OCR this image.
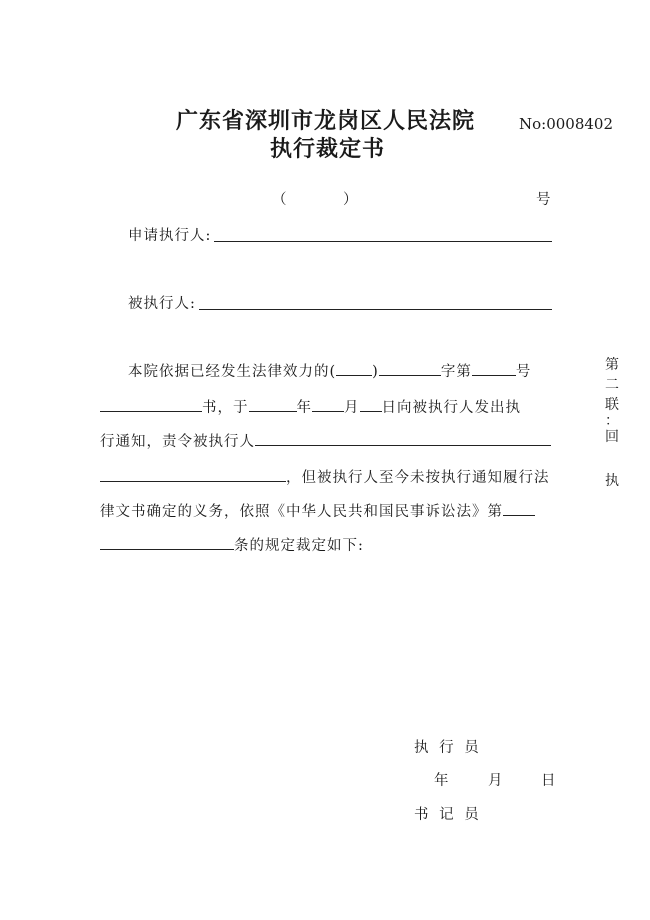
广东省深圳市龙岗区人民法院
执行裁定书
No:0008402
（	）	号
申请执行人:
被执行人:
本院依据已经发生法律效力的( )	字第	号
书，于	年 月 日向被执行人发出执
行通知，责令被执行人
，但被执行人至今未按执行通知履行法
律文书确定的义务，依照《中华人民共和国民事诉讼法》第
条的规定裁定如下:
第
二
联
：
回
执
执 行 员
年	月	日
书 记 员
